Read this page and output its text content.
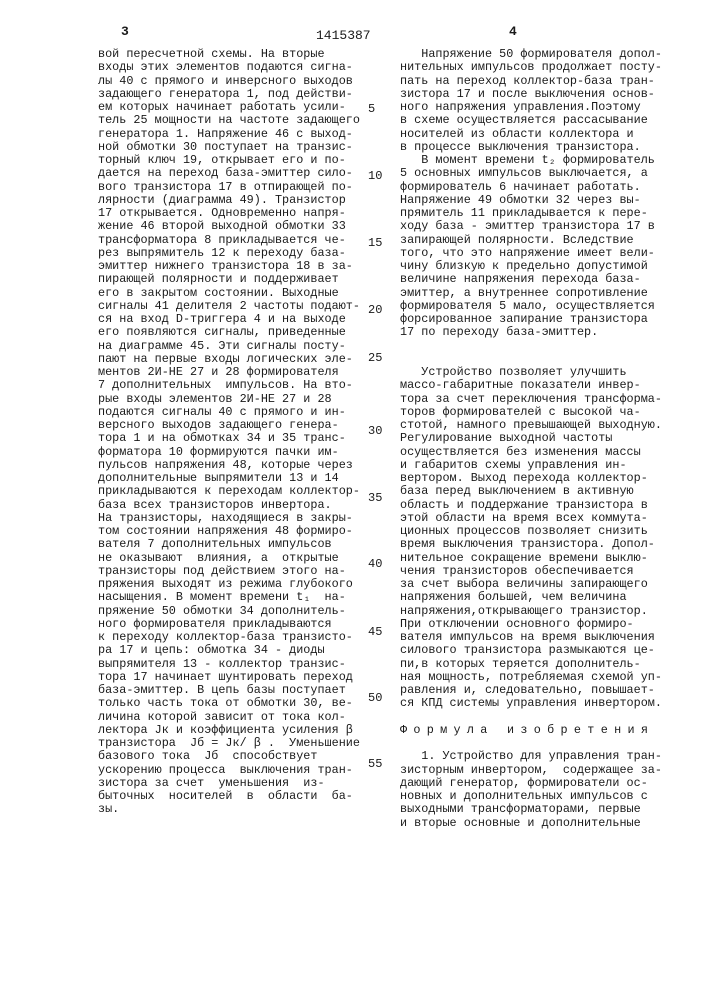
3	1415387	4
вой пересчетной схемы. На вторые
входы этих элементов подаются сигна-
лы 40 с прямого и инверсного выходов
задающего генератора 1, под действи-
ем которых начинает работать усили-
тель 25 мощности на частоте задающего
генератора 1. Напряжение 46 с выход-
ной обмотки 30 поступает на транзис-
торный ключ 19, открывает его и по-
дается на переход база-эмиттер сило-
вого транзистора 17 в отпирающей по-
лярности (диаграмма 49). Транзистор
17 открывается. Одновременно напря-
жение 46 второй выходной обмотки 33
трансформатора 8 прикладывается че-
рез выпрямитель 12 к переходу база-
эмиттер нижнего транзистора 18 в за-
пирающей полярности и поддерживает
его в закрытом состоянии. Выходные
сигналы 41 делителя 2 частоты подают-
ся на вход D-триггера 4 и на выходе
его появляются сигналы, приведенные
на диаграмме 45. Эти сигналы посту-
пают на первые входы логических эле-
ментов 2И-НЕ 27 и 28 формирователя
7 дополнительных  импульсов. На вто-
рые входы элементов 2И-НЕ 27 и 28
подаются сигналы 40 с прямого и ин-
версного выходов задающего генера-
тора 1 и на обмотках 34 и 35 транс-
форматора 10 формируются пачки им-
пульсов напряжения 48, которые через
дополнительные выпрямители 13 и 14
прикладываются к переходам коллектор-
база всех транзисторов инвертора.
На транзисторы, находящиеся в закры-
том состоянии напряжения 48 формиро-
вателя 7 дополнительных импульсов
не оказывают  влияния, а  открытые
транзисторы под действием этого на-
пряжения выходят из режима глубокого
насыщения. В момент времени t₁  на-
пряжение 50 обмотки 34 дополнитель-
ного формирователя прикладываются
к переходу коллектор-база транзисто-
ра 17 и цепь: обмотка 34 - диоды
выпрямителя 13 - коллектор транзис-
тора 17 начинает шунтировать переход
база-эмиттер. В цепь базы поступает
только часть тока от обмотки 30, ве-
личина которой зависит от тока кол-
лектора Jк и коэффициента усиления β
транзистора  Jб = Jк/ β .  Уменьшение
базового тока  Jб  способствует
ускорению процесса  выключения тран-
зистора за счет  уменьшения  из-
быточных  носителей  в  области  ба-
зы.
Напряжение 50 формирователя допол-
нительных импульсов продолжает посту-
пать на переход коллектор-база тран-
зистора 17 и после выключения основ-
ного напряжения управления.Поэтому
в схеме осуществляется рассасывание
носителей из области коллектора и
в процессе выключения транзистора.
В момент времени t₂ формирователь
5 основных импульсов выключается, а
формирователь 6 начинает работать.
Напряжение 49 обмотки 32 через вы-
прямитель 11 прикладывается к пере-
ходу база - эмиттер транзистора 17 в
запирающей полярности. Вследствие
того, что это напряжение имеет вели-
чину близкую к предельно допустимой
величине напряжения перехода база-
эмиттер, а внутреннее сопротивление
формирователя 5 мало, осуществляется
форсированное запирание транзистора
17 по переходу база-эмиттер.
Устройство позволяет улучшить
массо-габаритные показатели инвер-
тора за счет переключения трансформа-
торов формирователей с высокой ча-
стотой, намного превышающей выходную.
Регулирование выходной частоты
осуществляется без изменения массы
и габаритов схемы управления ин-
вертором. Выход перехода коллектор-
база перед выключением в активную
область и поддержание транзистора в
этой области на время всех коммута-
ционных процессов позволяет снизить
время выключения транзистора. Допол-
нительное сокращение времени выклю-
чения транзисторов обеспечивается
за счет выбора величины запирающего
напряжения большей, чем величина
напряжения,открывающего транзистор.
При отключении основного формиро-
вателя импульсов на время выключения
силового транзистора размыкаются це-
пи,в которых теряется дополнитель-
ная мощность, потребляемая схемой уп-
равления и, следовательно, повышает-
ся КПД системы управления инвертором.
Формула изобретения
1. Устройство для управления тран-
зисторным инвертором,  содержащее за-
дающий генератор, формирователи ос-
новных и дополнительных импульсов с
выходными трансформаторами, первые
и вторые основные и дополнительные
5
10
15
20
25
30
35
40
45
50
55
